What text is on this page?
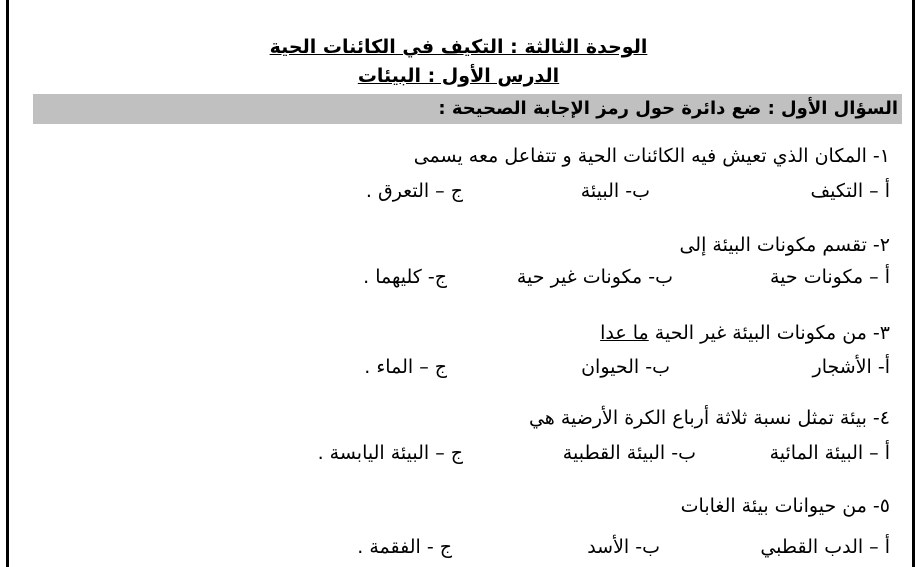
الوحدة الثالثة : التكيف في الكائنات الحية
الدرس الأول : البيئات
السؤال الأول : ضع دائرة حول رمز الإجابة الصحيحة :
١- المكان الذي تعيش فيه الكائنات الحية و تتفاعل معه يسمى
أ – التكيف
ب- البيئة
ج – التعرق .
٢- تقسم مكونات البيئة إلى
أ – مكونات حية
ب- مكونات غير حية
ج- كليهما .
٣- من مكونات البيئة غير الحية ما عدا
أ- الأشجار
ب- الحيوان
ج – الماء .
٤- بيئة تمثل نسبة ثلاثة أرباع الكرة الأرضية هي
أ – البيئة المائية
ب- البيئة القطبية
ج – البيئة اليابسة .
٥- من حيوانات بيئة الغابات
أ – الدب القطبي
ب- الأسد
ج - الفقمة .
